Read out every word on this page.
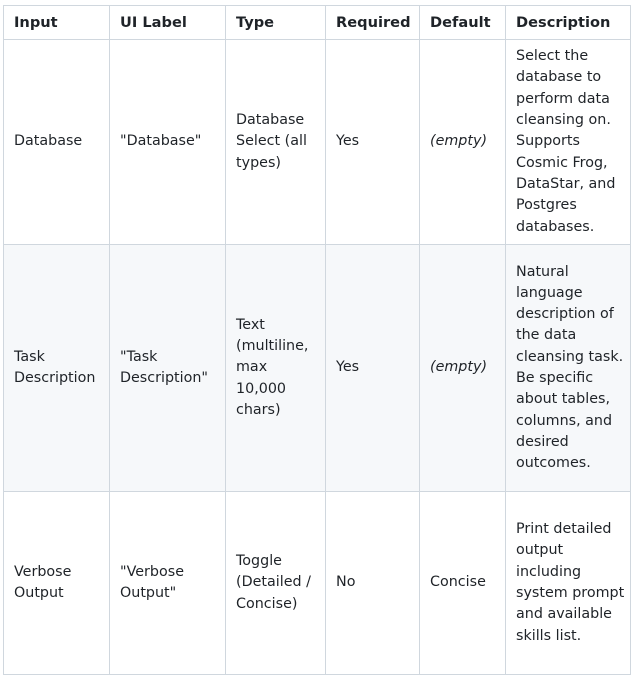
Input	UI Label	Type	Required	Default	Description
Database	"Database"	Database Select (all types)	Yes	(empty)	Select the database to perform data cleansing on. Supports Cosmic Frog, DataStar, and Postgres databases.
Task Description	"Task Description"	Text (multiline, max 10,000 chars)	Yes	(empty)	Natural language description of the data cleansing task. Be specific about tables, columns, and desired outcomes.
Verbose Output	"Verbose Output"	Toggle (Detailed / Concise)	No	Concise	Print detailed output including system prompt and available skills list.
